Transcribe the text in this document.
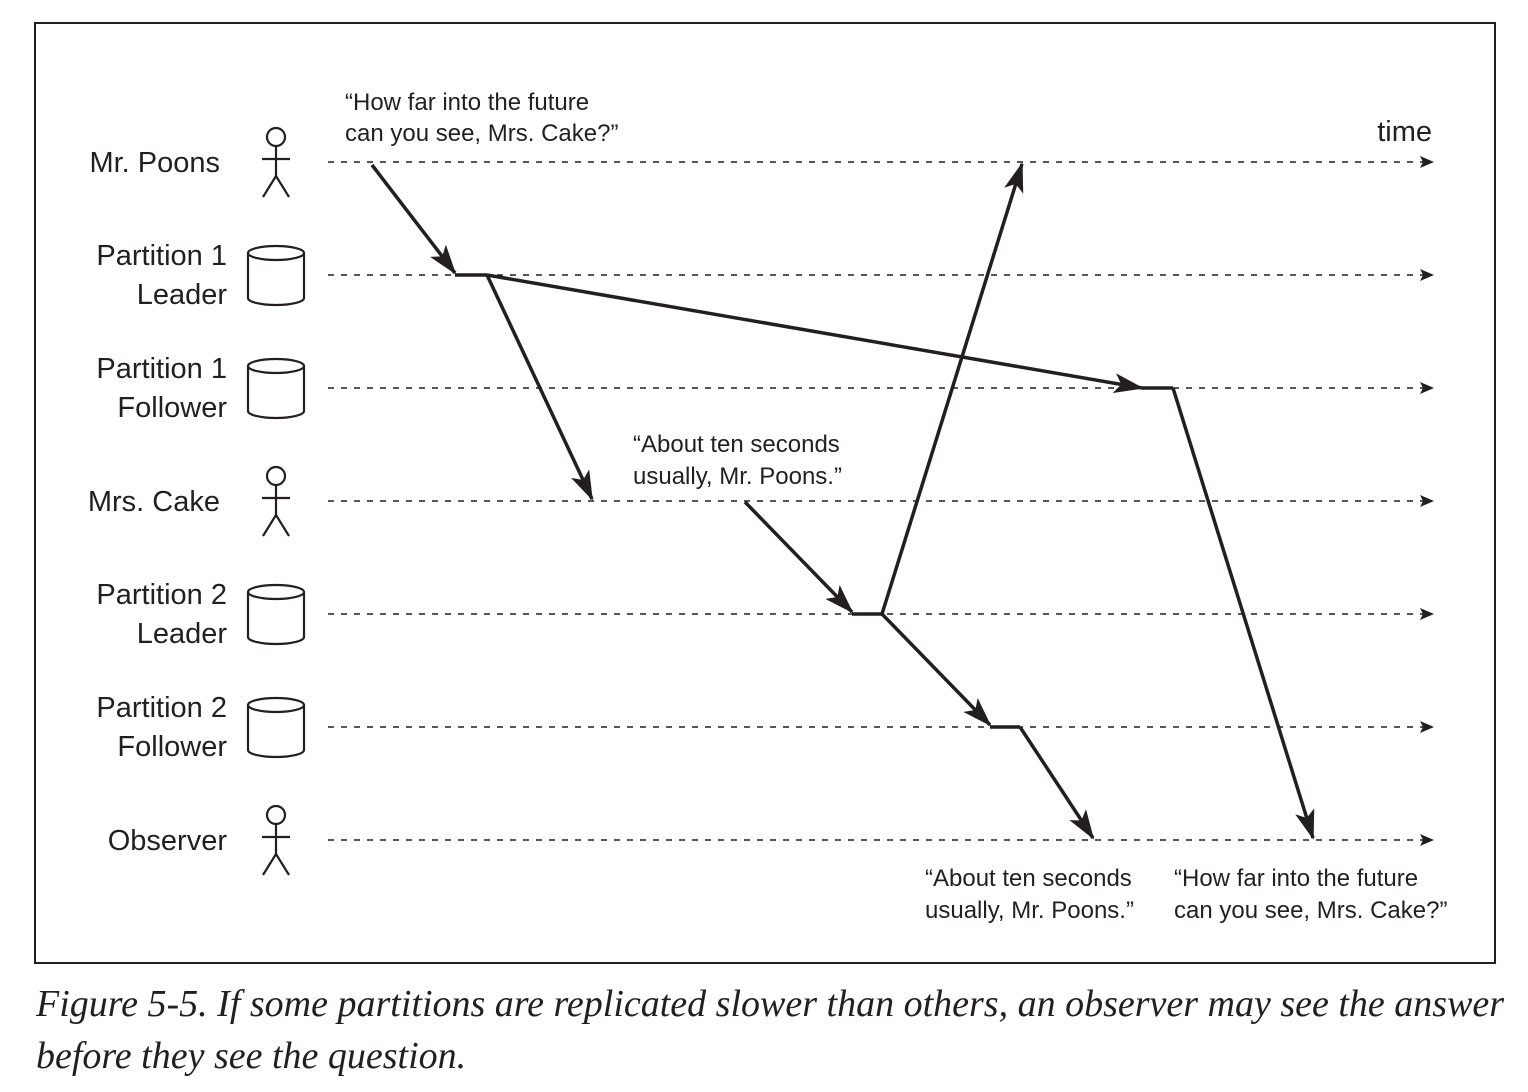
time
Mr. Poons
Partition 1
Leader
Partition 1
Follower
Mrs. Cake
Partition 2
Leader
Partition 2
Follower
Observer
“How far into the future
can you see, Mrs. Cake?”
“About ten seconds
usually, Mr. Poons.”
“About ten seconds
usually, Mr. Poons.”
“How far into the future
can you see, Mrs. Cake?”

Figure 5-5. If some partitions are replicated slower than others, an observer may see the answer before they see the question.
